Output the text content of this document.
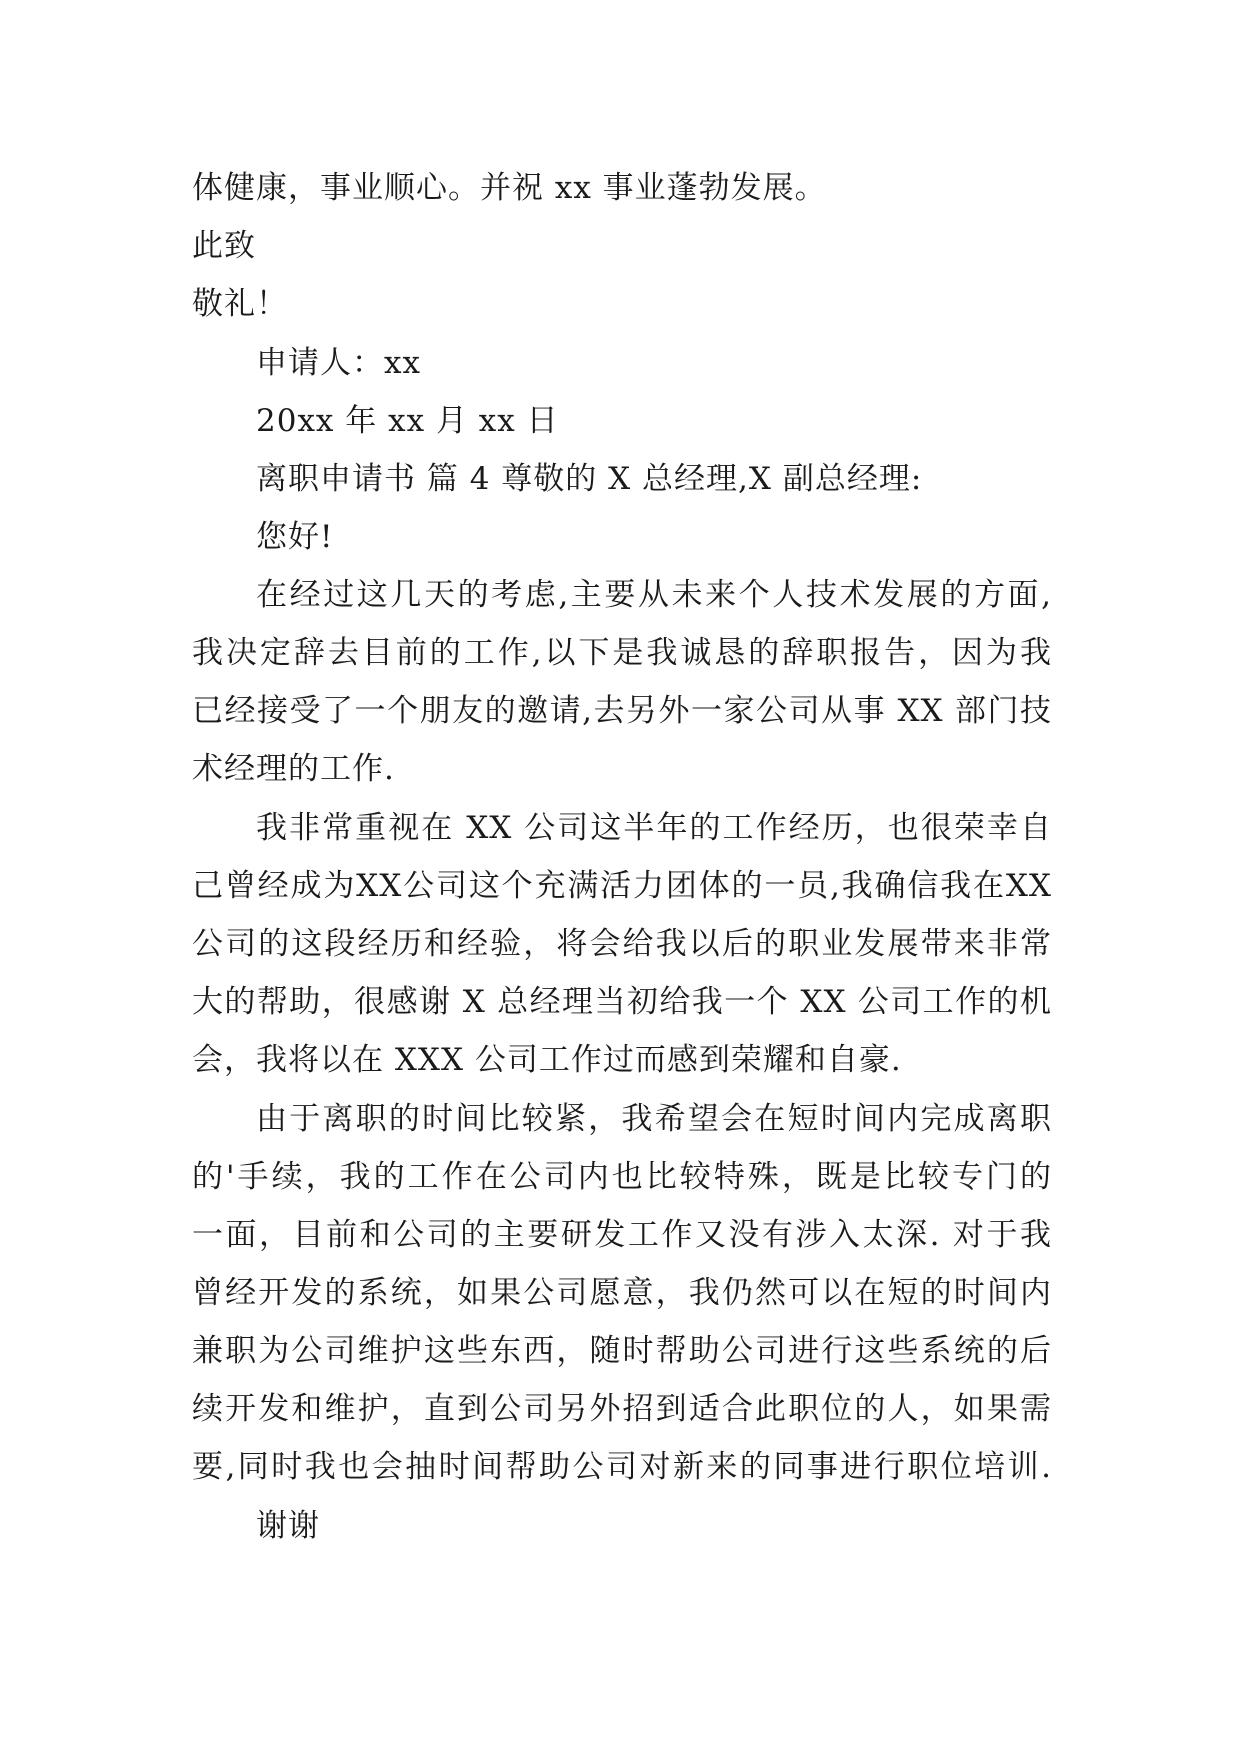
体健康，事业顺心。并祝 xx 事业蓬勃发展。
此致
敬礼！
申请人：xx
20xx 年 xx 月 xx 日
离职申请书 篇 4 尊敬的 X 总经理,X 副总经理:
您好!
在经过这几天的考虑,主要从未来个人技术发展的方面,
我决定辞去目前的工作,以下是我诚恳的辞职报告，因为我
已经接受了一个朋友的邀请,去另外一家公司从事 XX 部门技
术经理的工作.
我非常重视在 XX 公司这半年的工作经历，也很荣幸自
己曾经成为XX公司这个充满活力团体的一员,我确信我在XX
公司的这段经历和经验，将会给我以后的职业发展带来非常
大的帮助，很感谢 X 总经理当初给我一个 XX 公司工作的机
会，我将以在 XXX 公司工作过而感到荣耀和自豪.
由于离职的时间比较紧，我希望会在短时间内完成离职
的'手续，我的工作在公司内也比较特殊，既是比较专门的
一面，目前和公司的主要研发工作又没有涉入太深. 对于我
曾经开发的系统，如果公司愿意，我仍然可以在短的时间内
兼职为公司维护这些东西，随时帮助公司进行这些系统的后
续开发和维护，直到公司另外招到适合此职位的人，如果需
要,同时我也会抽时间帮助公司对新来的同事进行职位培训.
谢谢
